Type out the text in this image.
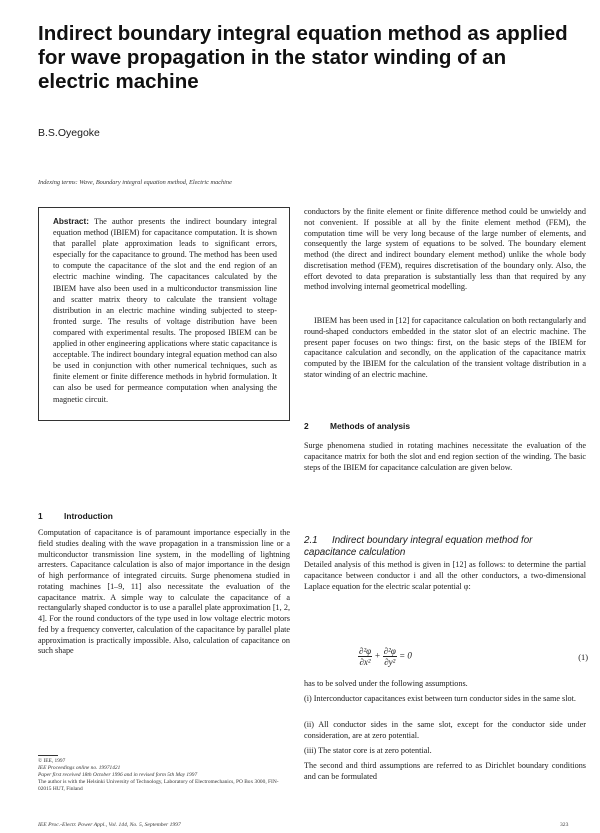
Indirect boundary integral equation method as applied for wave propagation in the stator winding of an electric machine

B.S.Oyegoke

Indexing terms: Wave, Boundary integral equation method, Electric machine

Abstract: The author presents the indirect boundary integral equation method (IBIEM) for capacitance computation. It is shown that parallel plate approximation leads to significant errors, especially for the capacitance to ground. The method has been used to compute the capacitance of the slot and the end region of an electric machine winding. The capacitances calculated by the IBIEM have also been used in a multiconductor transmission line and scatter matrix theory to calculate the transient voltage distribution in an electric machine winding subjected to steep-fronted surge. The results of voltage distribution have been compared with experimental results. The proposed IBIEM can be applied in other engineering applications where static capacitance is acceptable. The indirect boundary integral equation method can also be used in conjunction with other numerical techniques, such as finite element or finite difference methods in hybrid formulation. It can also be used for permeance computation when analysing the magnetic circuit.

1	Introduction

Computation of capacitance is of paramount importance especially in the field studies dealing with the wave propagation in a transmission line or a multiconductor transmission line system, in the modelling of lightning arresters. Capacitance calculation is also of major importance in the design of high performance of integrated circuits. Surge phenomena studied in rotating machines [1–9, 11] also necessitate the evaluation of the capacitance matrix. A simple way to calculate the capacitance of a rectangularly shaped conductor is to use a parallel plate approximation [1, 2, 4]. For the round conductors of the type used in low voltage electric motors fed by a frequency converter, calculation of the capacitance by parallel plate approximation is practically impossible. Also, calculation of capacitance on such shape

© IEE, 1997

IEE Proceedings online no. 19971421

Paper first received 18th October 1996 and in revised form 5th May 1997

The author is with the Helsinki University of Technology, Laboratory of Electromechanics, PO Box 3000, FIN-02015 HUT, Finland

conductors by the finite element or finite difference method could be unwieldy and not convenient. If possible at all by the finite element method (FEM), the computation time will be very long because of the large number of elements, and consequently the large system of equations to be solved. The boundary element method (the direct and indirect boundary element method) unlike the whole body discretisation method (FEM), requires discretisation of the boundary only. Also, the effort devoted to data preparation is substantially less than that required by any method involving internal geometrical modelling.

IBIEM has been used in [12] for capacitance calculation on both rectangularly and round-shaped conductors embedded in the stator slot of an electric machine. The present paper focuses on two things: first, on the basic steps of the IBIEM for capacitance calculation and secondly, on the application of the capacitance matrix computed by the IBIEM for the calculation of the transient voltage distribution in a stator winding of an electric machine.

2	Methods of analysis

Surge phenomena studied in rotating machines necessitate the evaluation of the capacitance matrix for both the slot and end region section of the winding. The basic steps of the IBIEM for capacitance calculation are given below.

2.1 Indirect boundary integral equation method for capacitance calculation

Detailed analysis of this method is given in [12] as follows: to determine the partial capacitance between conductor i and all the other conductors, a two-dimensional Laplace equation for the electric scalar potential φ:

$\frac{\text{∂²φ}}{\text{∂x²}} + \frac{\text{∂²φ}}{\text{∂y²}} = 0$	(1)

has to be solved under the following assumptions.

(i) Interconductor capacitances exist between turn conductor sides in the same slot.

(ii) All conductor sides in the same slot, except for the conductor side under consideration, are at zero potential.

(iii) The stator core is at zero potential.

The second and third assumptions are referred to as Dirichlet boundary conditions and can be formulated

IEE Proc.-Electr. Power Appl., Vol. 144, No. 5, September 1997	323
